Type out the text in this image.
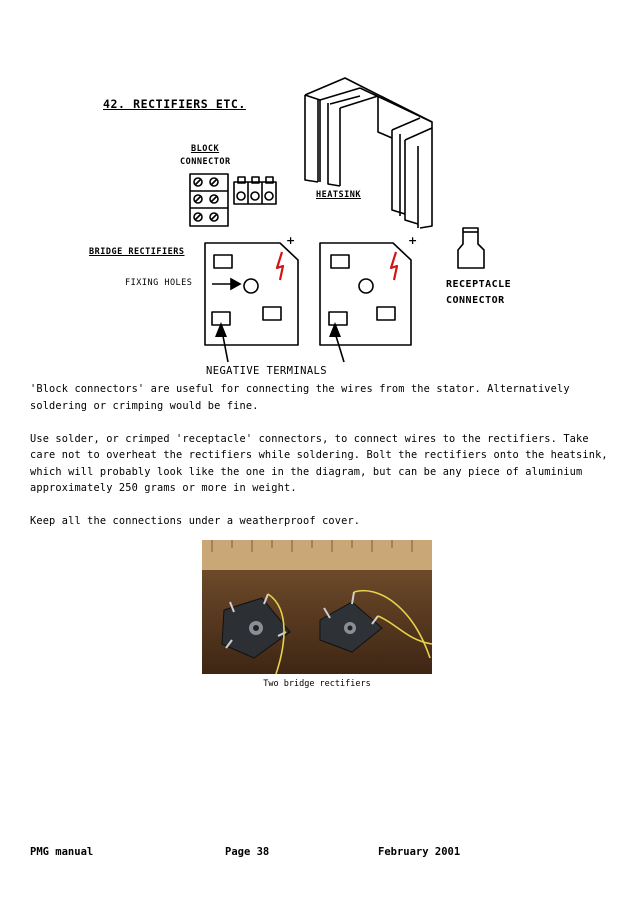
42. RECTIFIERS ETC.
+	+
BLOCK
CONNECTOR
HEATSINK
BRIDGE RECTIFIERS
FIXING HOLES	RECEPTACLE
CONNECTOR
NEGATIVE TERMINALS

'Block connectors' are useful for connecting the wires from the stator. Alternatively soldering or crimping would be fine.

Use solder, or crimped 'receptacle' connectors, to connect wires to the rectifiers. Take care not to overheat the rectifiers while soldering. Bolt the rectifiers onto the heatsink, which will probably look like the one in the diagram, but can be any piece of aluminium approximately 250 grams or more in weight.

Keep all the connections under a weatherproof cover.

Two bridge rectifiers
PMG manual	Page 38	February 2001
